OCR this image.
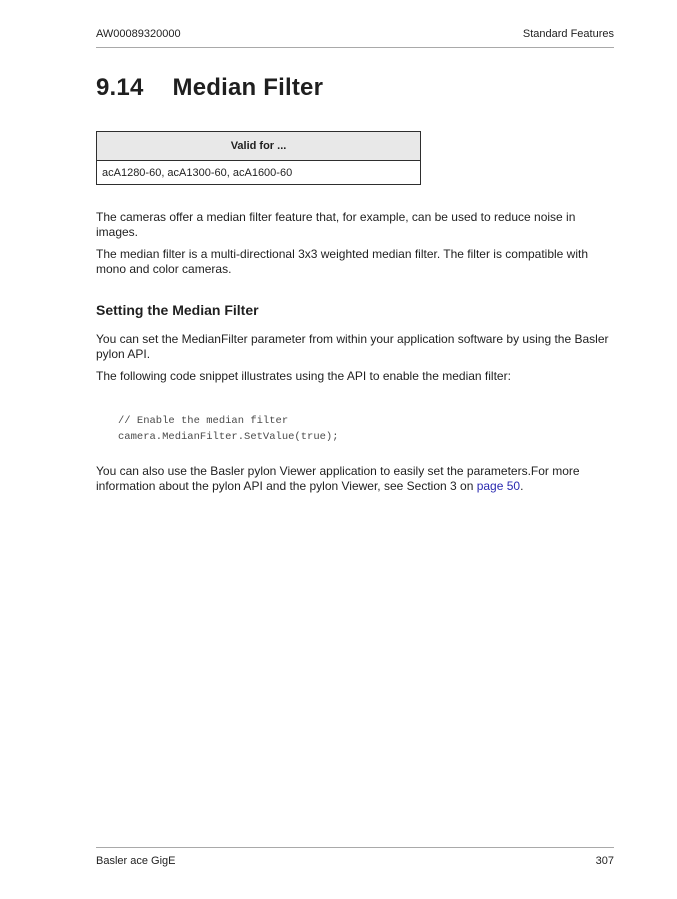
AW00089320000	Standard Features
9.14 Median Filter
Valid for ...
acA1280-60, acA1300-60, acA1600-60

The cameras offer a median filter feature that, for example, can be used to reduce noise in images.

The median filter is a multi-directional 3x3 weighted median filter. The filter is compatible with mono and color cameras.

Setting the Median Filter

You can set the MedianFilter parameter from within your application software by using the Basler pylon API.

The following code snippet illustrates using the API to enable the median filter:

// Enable the median filter
camera.MedianFilter.SetValue(true);

You can also use the Basler pylon Viewer application to easily set the parameters.For more information about the pylon API and the pylon Viewer, see Section 3 on page 50.

Basler ace GigE	307
